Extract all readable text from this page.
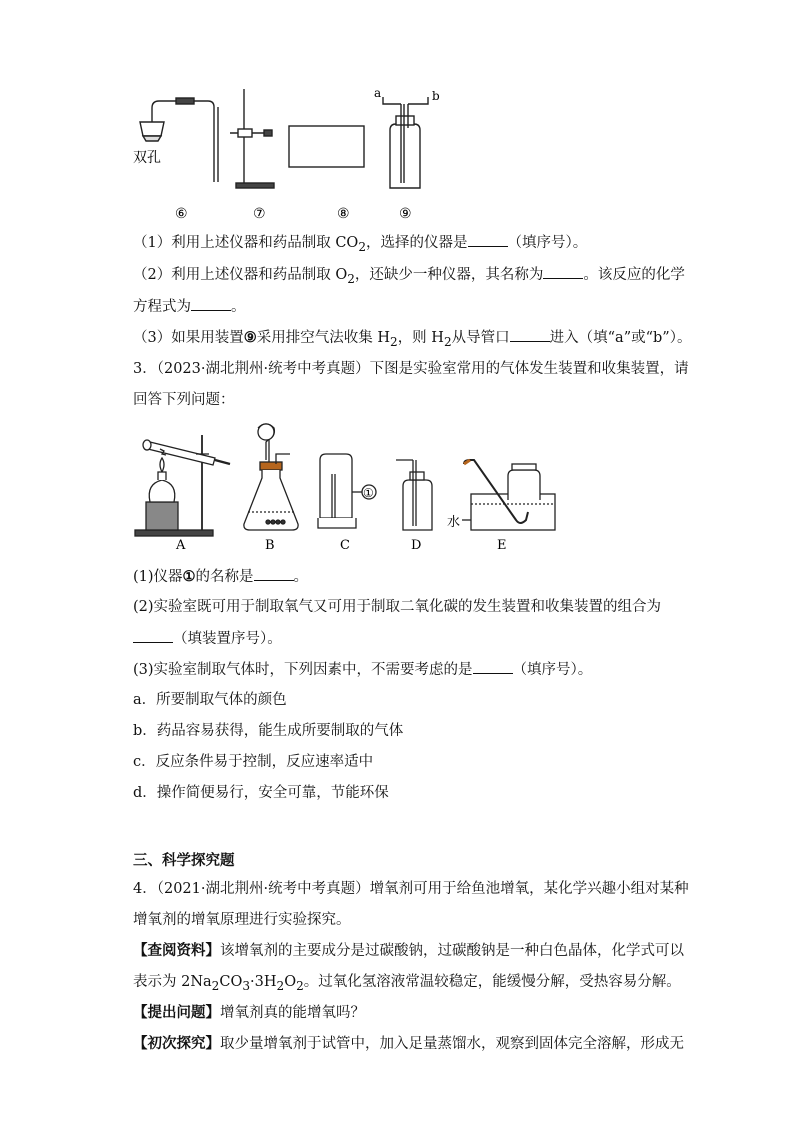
双孔
a	b
⑥	⑦	⑧	⑨
（1）利用上述仪器和药品制取 $CO_2$，选择的仪器是	（填序号）。
（2）利用上述仪器和药品制取 $O_2$，还缺少一种仪器，其名称为	。该反应的化学
方程式为	。
（3）如果用装置⑨采用排空气法收集 $H_2$，则 $H_2$从导管口	进入（填“a”或“b”）。
3．（2023·湖北荆州·统考中考真题）下图是实验室常用的气体发生装置和收集装置，请
回答下列问题：
①
水
A	B	C	D	E
(1)仪器①的名称是	。
(2)实验室既可用于制取氧气又可用于制取二氧化碳的发生装置和收集装置的组合为
（填装置序号）。
(3)实验室制取气体时，下列因素中，不需要考虑的是	（填序号）。
a．所要制取气体的颜色
b．药品容易获得，能生成所要制取的气体
c．反应条件易于控制，反应速率适中
d．操作简便易行，安全可靠，节能环保
三、科学探究题
4．（2021·湖北荆州·统考中考真题）增氧剂可用于给鱼池增氧，某化学兴趣小组对某种
增氧剂的增氧原理进行实验探究。
【查阅资料】该增氧剂的主要成分是过碳酸钠，过碳酸钠是一种白色晶体，化学式可以
表示为 $2Na_2CO_3\cdot 3H_2O_2$。过氧化氢溶液常温较稳定，能缓慢分解，受热容易分解。
【提出问题】增氧剂真的能增氧吗？
【初次探究】取少量增氧剂于试管中，加入足量蒸馏水，观察到固体完全溶解，形成无
